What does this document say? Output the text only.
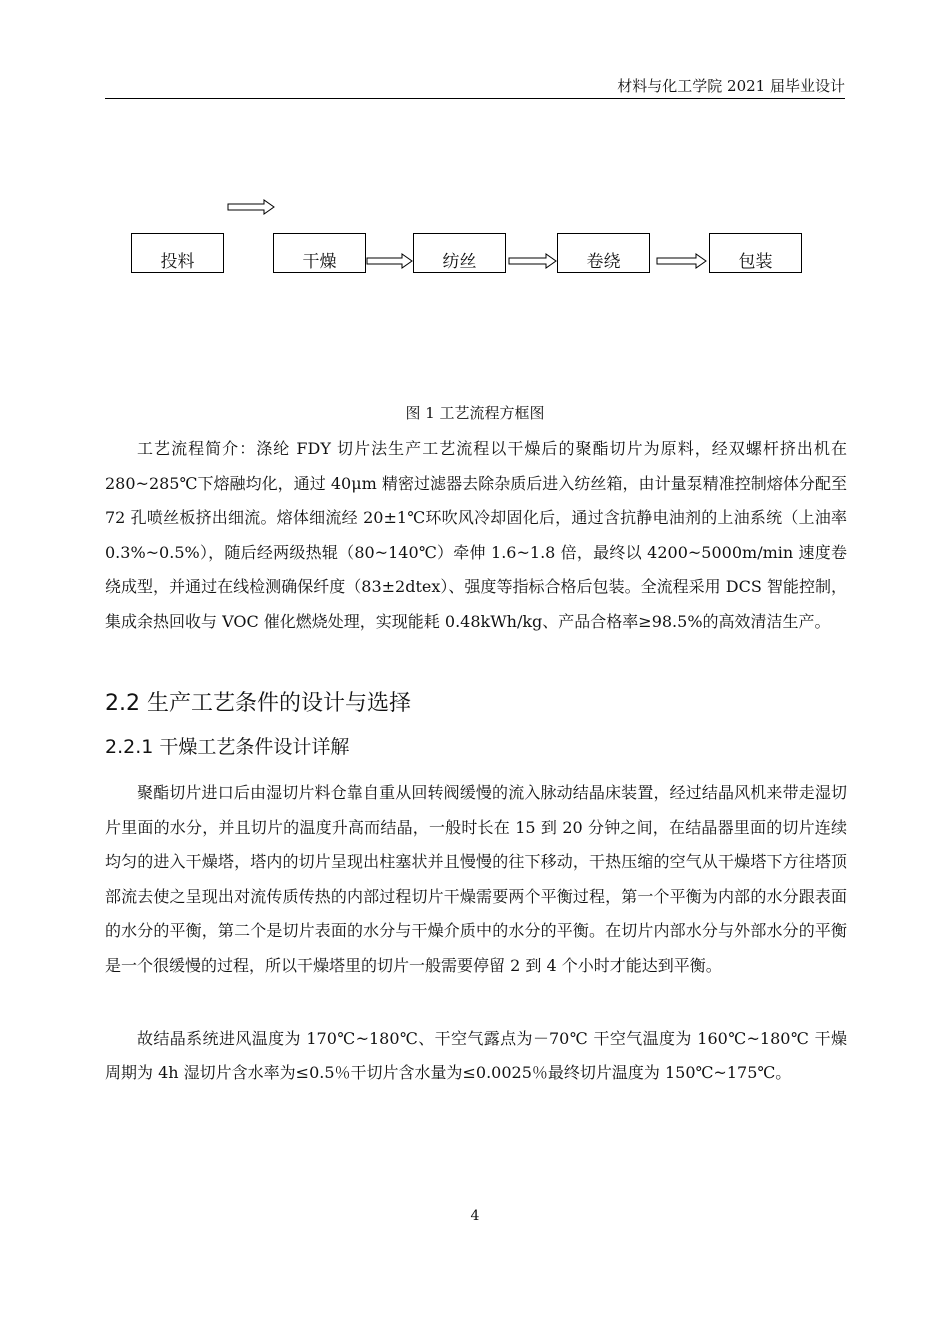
材料与化工学院 2021 届毕业设计
投料	干燥	纺丝	卷绕	包装
图 1 工艺流程方框图

工艺流程简介：涤纶 FDY 切片法生产工艺流程以干燥后的聚酯切片为原料，经双螺杆挤出机在 280~285℃下熔融均化，通过 40μm 精密过滤器去除杂质后进入纺丝箱，由计量泵精准控制熔体分配至 72 孔喷丝板挤出细流。熔体细流经 20±1℃环吹风冷却固化后，通过含抗静电油剂的上油系统（上油率 0.3%~0.5%），随后经两级热辊（80~140℃）牵伸 1.6~1.8 倍，最终以 4200~5000m/min 速度卷绕成型，并通过在线检测确保纤度（83±2dtex）、强度等指标合格后包装。全流程采用 DCS 智能控制，集成余热回收与 VOC 催化燃烧处理，实现能耗 0.48kWh/kg、产品合格率≥98.5%的高效清洁生产。

2.2 生产工艺条件的设计与选择
2.2.1 干燥工艺条件设计详解

聚酯切片进口后由湿切片料仓靠自重从回转阀缓慢的流入脉动结晶床装置，经过结晶风机来带走湿切片里面的水分，并且切片的温度升高而结晶，一般时长在 15 到 20 分钟之间，在结晶器里面的切片连续均匀的进入干燥塔，塔内的切片呈现出柱塞状并且慢慢的往下移动，干热压缩的空气从干燥塔下方往塔顶部流去使之呈现出对流传质传热的内部过程切片干燥需要两个平衡过程，第一个平衡为内部的水分跟表面的水分的平衡，第二个是切片表面的水分与干燥介质中的水分的平衡。在切片内部水分与外部水分的平衡是一个很缓慢的过程，所以干燥塔里的切片一般需要停留 2 到 4 个小时才能达到平衡。

故结晶系统进风温度为 170℃~180℃、干空气露点为－70℃ 干空气温度为 160℃~180℃ 干燥周期为 4h 湿切片含水率为≤0.5％干切片含水量为≤0.0025％最终切片温度为 150℃~175℃。

4
